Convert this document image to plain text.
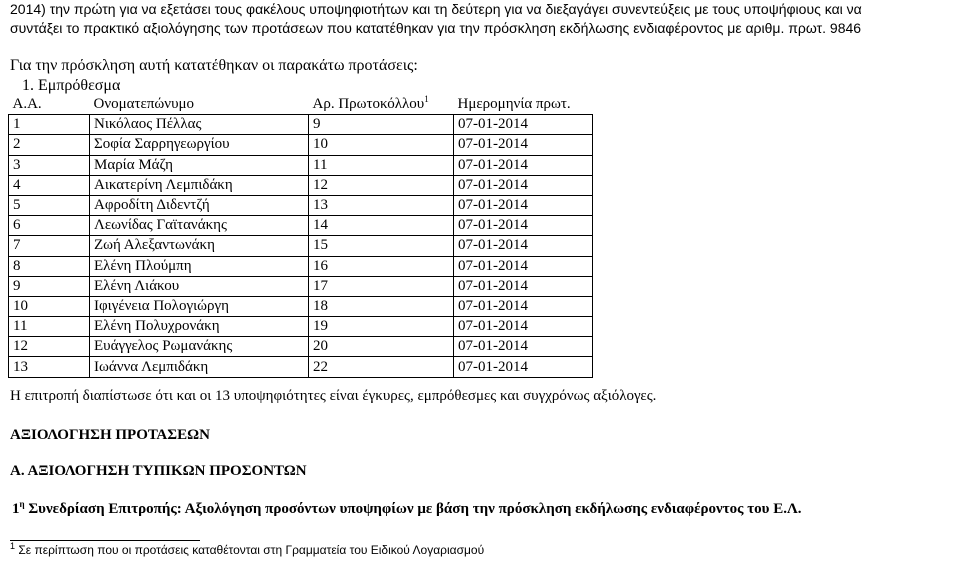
2014) την πρώτη για να εξετάσει τους φακέλους υποψηφιοτήτων και τη δεύτερη για να διεξαγάγει συνεντεύξεις με τους υποψήφιους και να

συντάξει το πρακτικό αξιολόγησης των προτάσεων που κατατέθηκαν για την πρόσκληση εκδήλωσης ενδιαφέροντος με αριθμ. πρωτ. 9846

Για την πρόσκληση αυτή κατατέθηκαν οι παρακάτω προτάσεις:
1. Εμπρόθεσμα
Α.Α.	Ονοματεπώνυμο	Αρ. Πρωτοκόλλου$^1$	Ημερομηνία πρωτ.
1	Νικόλαος Πέλλας	9	07-01-2014
2	Σοφία Σαρρηγεωργίου	10	07-01-2014
3	Μαρία Μάζη	11	07-01-2014
4	Αικατερίνη Λεμπιδάκη	12	07-01-2014
5	Αφροδίτη Διδεντζή	13	07-01-2014
6	Λεωνίδας Γαϊτανάκης	14	07-01-2014
7	Ζωή Αλεξαντωνάκη	15	07-01-2014
8	Ελένη Πλούμπη	16	07-01-2014
9	Ελένη Λιάκου	17	07-01-2014
10	Ιφιγένεια Πολογιώργη	18	07-01-2014
11	Ελένη Πολυχρονάκη	19	07-01-2014
12	Ευάγγελος Ρωμανάκης	20	07-01-2014
13	Ιωάννα Λεμπιδάκη	22	07-01-2014
Η επιτροπή διαπίστωσε ότι και οι 13 υποψηφιότητες είναι έγκυρες, εμπρόθεσμες και συγχρόνως αξιόλογες.
ΑΞΙΟΛΟΓΗΣΗ ΠΡΟΤΑΣΕΩΝ
Α. ΑΞΙΟΛΟΓΗΣΗ ΤΥΠΙΚΩΝ ΠΡΟΣΟΝΤΩΝ
$1^\eta$ Συνεδρίαση Επιτροπής: Αξιολόγηση προσόντων υποψηφίων με βάση την πρόσκληση εκδήλωσης ενδιαφέροντος του Ε.Λ.
$^1$ Σε περίπτωση που οι προτάσεις καταθέτονται στη Γραμματεία του Ειδικού Λογαριασμού
